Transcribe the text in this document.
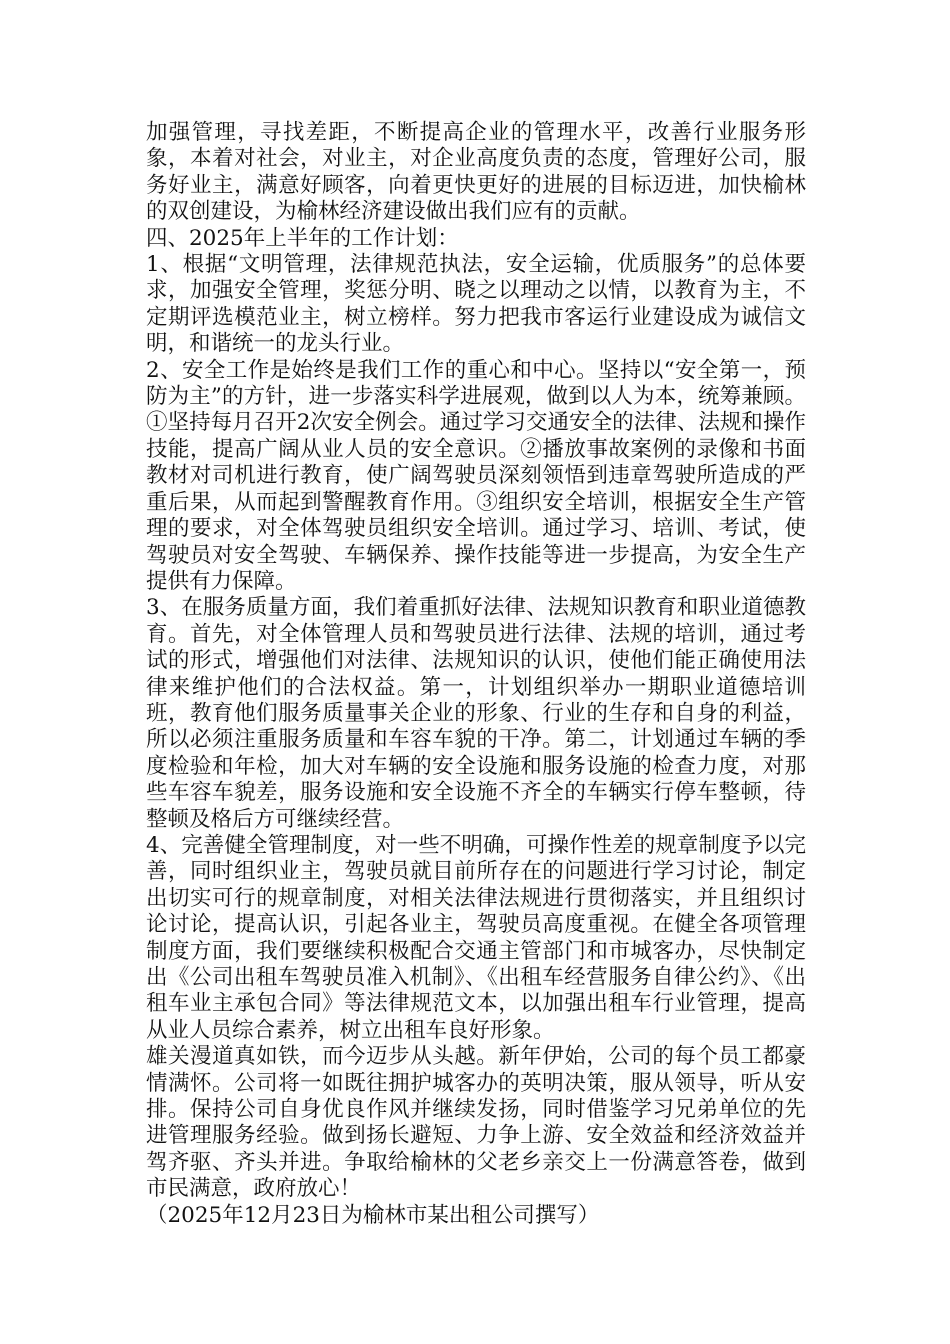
加强管理，寻找差距，不断提高企业的管理水平，改善行业服务形象，本着对社会，对业主，对企业高度负责的态度，管理好公司，服务好业主，满意好顾客，向着更快更好的进展的目标迈进，加快榆林的双创建设，为榆林经济建设做出我们应有的贡献。

四、2025年上半年的工作计划：

1、根据“文明管理，法律规范执法，安全运输，优质服务”的总体要求，加强安全管理，奖惩分明、晓之以理动之以情，以教育为主，不定期评选模范业主，树立榜样。努力把我市客运行业建设成为诚信文明，和谐统一的龙头行业。

2、安全工作是始终是我们工作的重心和中心。坚持以“安全第一，预防为主”的方针，进一步落实科学进展观，做到以人为本，统筹兼顾。①坚持每月召开2次安全例会。通过学习交通安全的法律、法规和操作技能，提高广阔从业人员的安全意识。②播放事故案例的录像和书面教材对司机进行教育，使广阔驾驶员深刻领悟到违章驾驶所造成的严重后果，从而起到警醒教育作用。③组织安全培训，根据安全生产管理的要求，对全体驾驶员组织安全培训。通过学习、培训、考试，使驾驶员对安全驾驶、车辆保养、操作技能等进一步提高，为安全生产提供有力保障。

3、在服务质量方面，我们着重抓好法律、法规知识教育和职业道德教育。首先，对全体管理人员和驾驶员进行法律、法规的培训，通过考试的形式，增强他们对法律、法规知识的认识，使他们能正确使用法律来维护他们的合法权益。第一，计划组织举办一期职业道德培训班，教育他们服务质量事关企业的形象、行业的生存和自身的利益，所以必须注重服务质量和车容车貌的干净。第二，计划通过车辆的季度检验和年检，加大对车辆的安全设施和服务设施的检查力度，对那些车容车貌差，服务设施和安全设施不齐全的车辆实行停车整顿，待整顿及格后方可继续经营。

4、完善健全管理制度，对一些不明确，可操作性差的规章制度予以完善，同时组织业主，驾驶员就目前所存在的问题进行学习讨论，制定出切实可行的规章制度，对相关法律法规进行贯彻落实，并且组织讨论讨论，提高认识，引起各业主，驾驶员高度重视。在健全各项管理制度方面，我们要继续积极配合交通主管部门和市城客办，尽快制定出《公司出租车驾驶员准入机制》、《出租车经营服务自律公约》、《出租车业主承包合同》等法律规范文本，以加强出租车行业管理，提高从业人员综合素养，树立出租车良好形象。

雄关漫道真如铁，而今迈步从头越。新年伊始，公司的每个员工都豪情满怀。公司将一如既往拥护城客办的英明决策，服从领导，听从安排。保持公司自身优良作风并继续发扬，同时借鉴学习兄弟单位的先进管理服务经验。做到扬长避短、力争上游、安全效益和经济效益并驾齐驱、齐头并进。争取给榆林的父老乡亲交上一份满意答卷，做到市民满意，政府放心！

（2025年12月23日为榆林市某出租公司撰写）
